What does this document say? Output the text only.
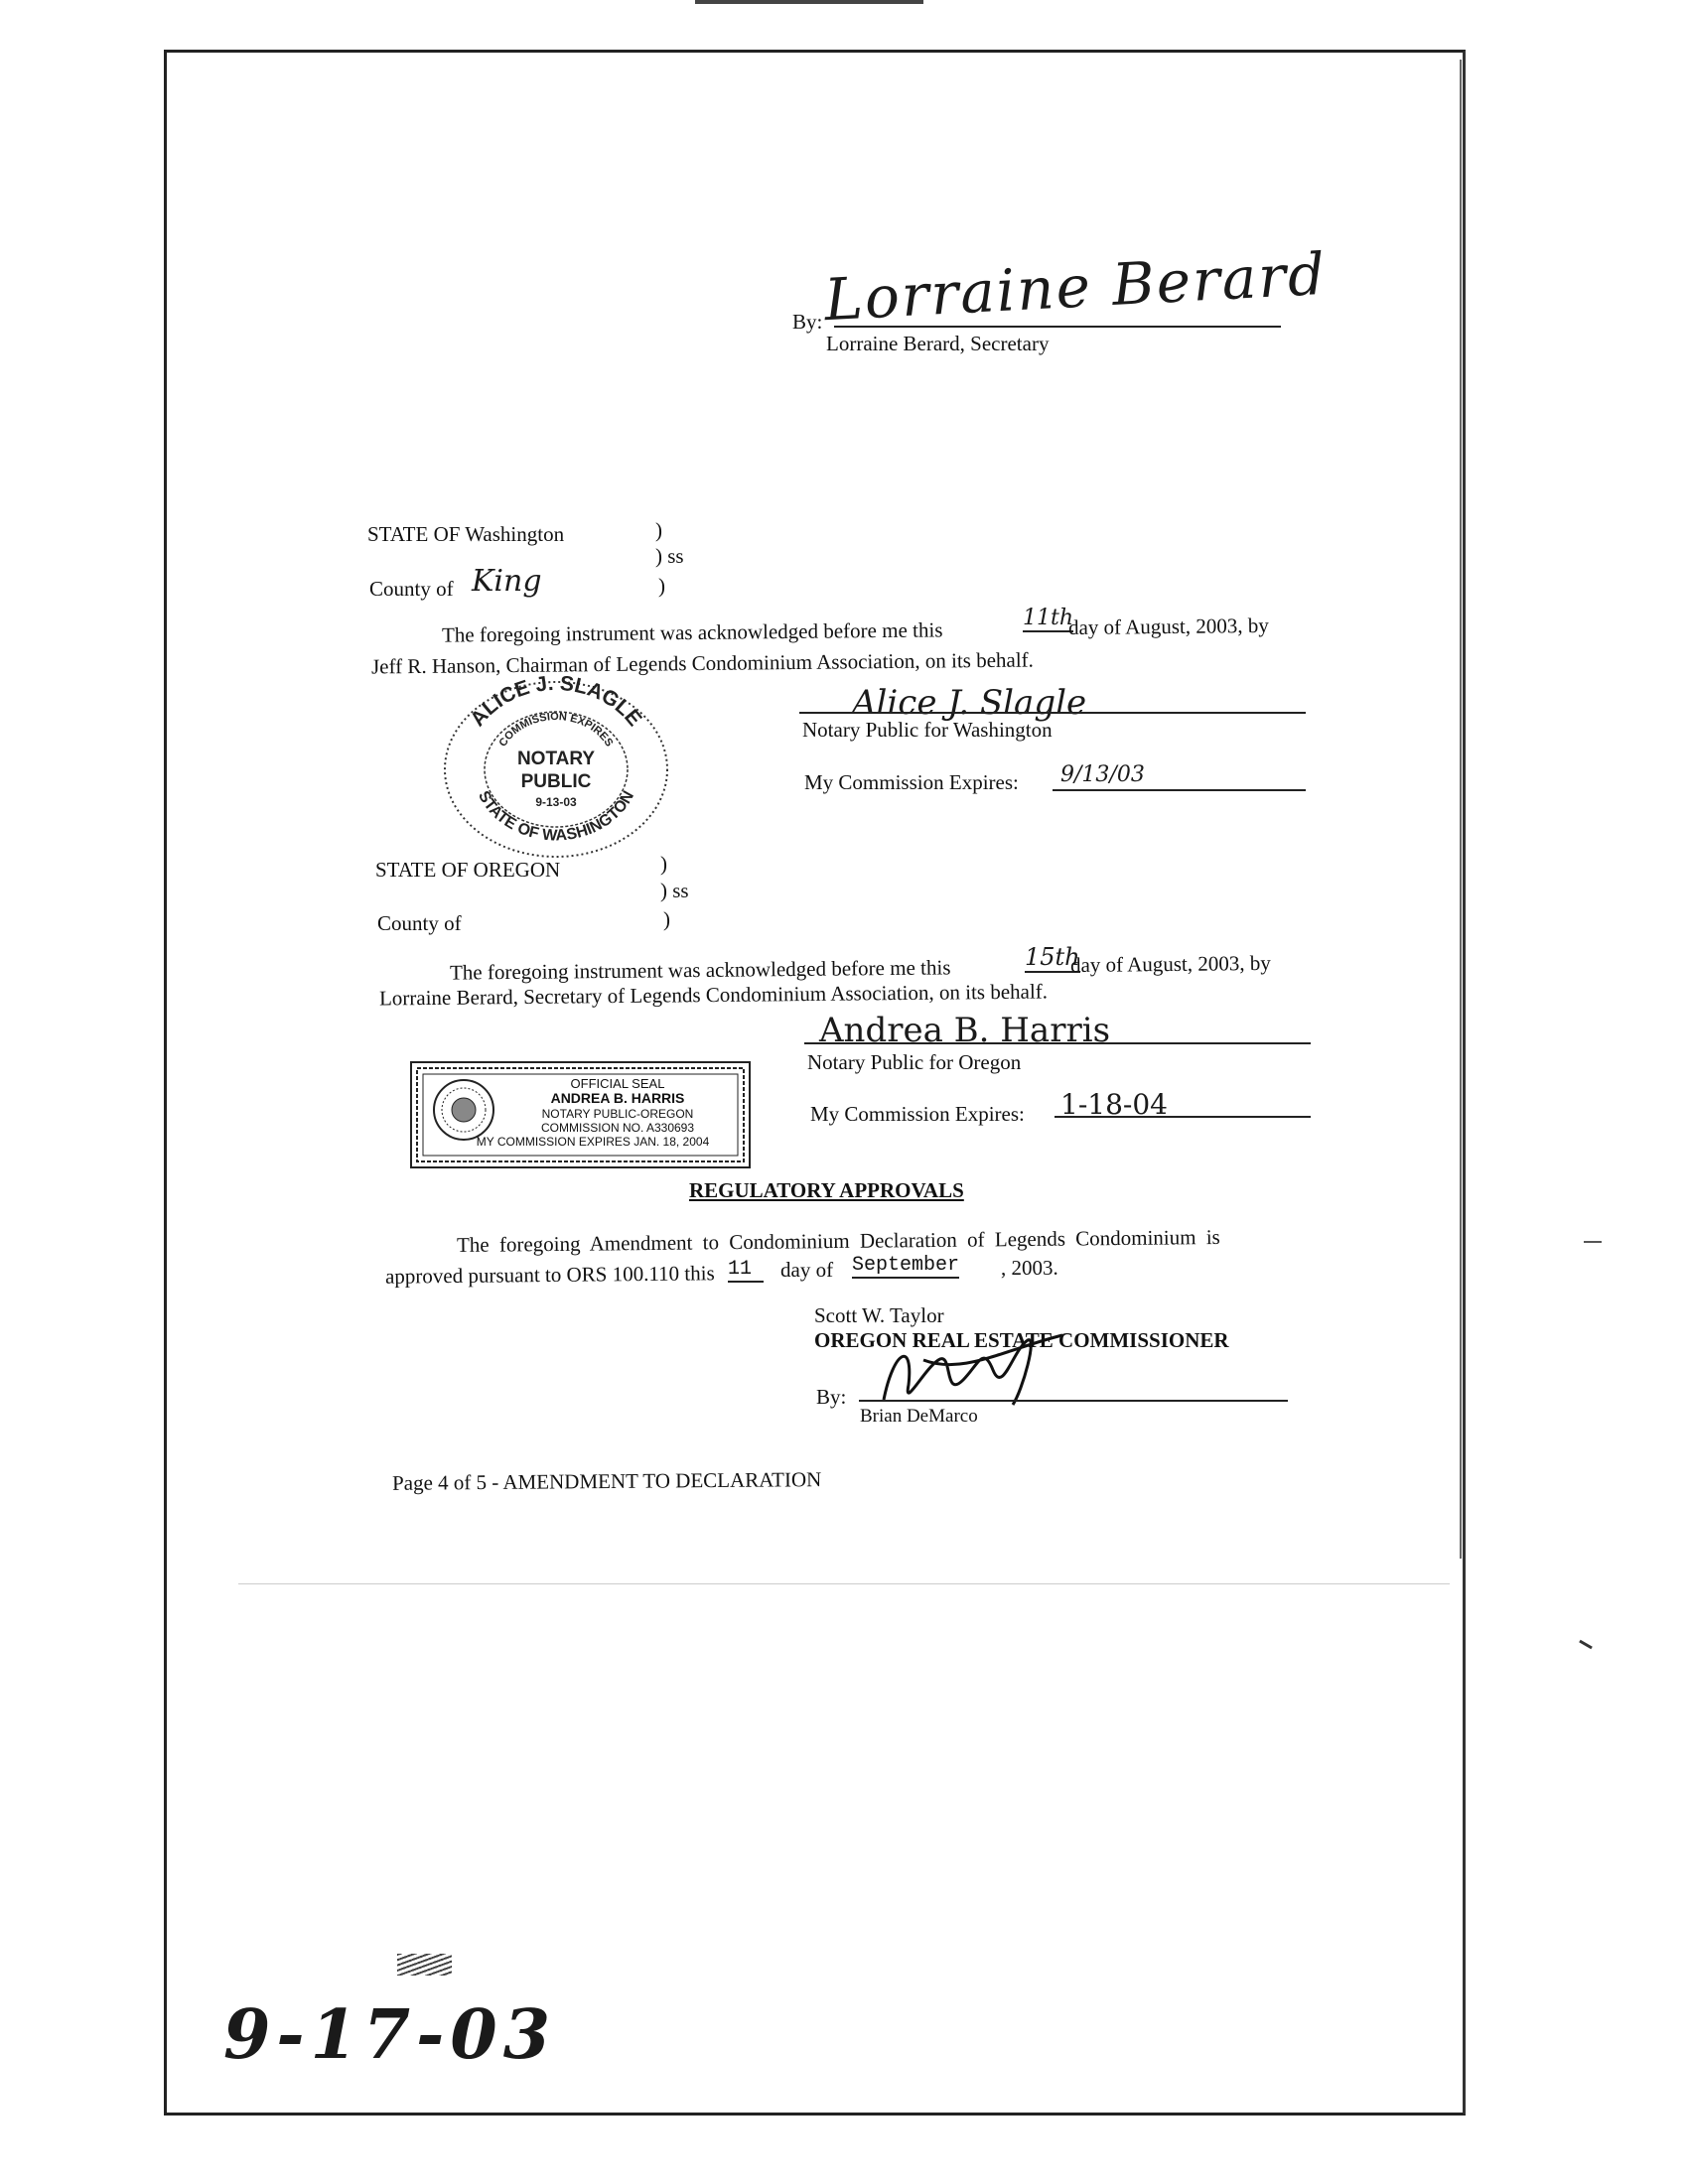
By: Lorraine Berard
Lorraine Berard, Secretary
STATE OF Washington	)
) ss
County of King	)
The foregoing instrument was acknowledged before me this	11th
day of August, 2003, by
Jeff R. Hanson, Chairman of Legends Condominium Association, on its behalf.
Alice J. Slagle
Notary Public for Washington
My Commission Expires: 9/13/03
ALICE J. SLAGLE
COMMISSION EXPIRES
NOTARY
PUBLIC
9-13-03
STATE OF WASHINGTON
STATE OF OREGON	)
) ss
County of	)
The foregoing instrument was acknowledged before me this	15th
day of August, 2003, by
Lorraine Berard, Secretary of Legends Condominium Association, on its behalf.
Andrea B. Harris
Notary Public for Oregon
My Commission Expires: 1-18-04
OFFICIAL SEAL
ANDREA B. HARRIS
NOTARY PUBLIC-OREGON
COMMISSION NO. A330693
MY COMMISSION EXPIRES JAN. 18, 2004
REGULATORY APPROVALS
The foregoing Amendment to Condominium Declaration of Legends Condominium is
approved pursuant to ORS 100.110 this 11	day of September , 2003.
Scott W. Taylor
OREGON REAL ESTATE COMMISSIONER
By:
Brian DeMarco
Page 4 of 5 - AMENDMENT TO DECLARATION
9-17-03
